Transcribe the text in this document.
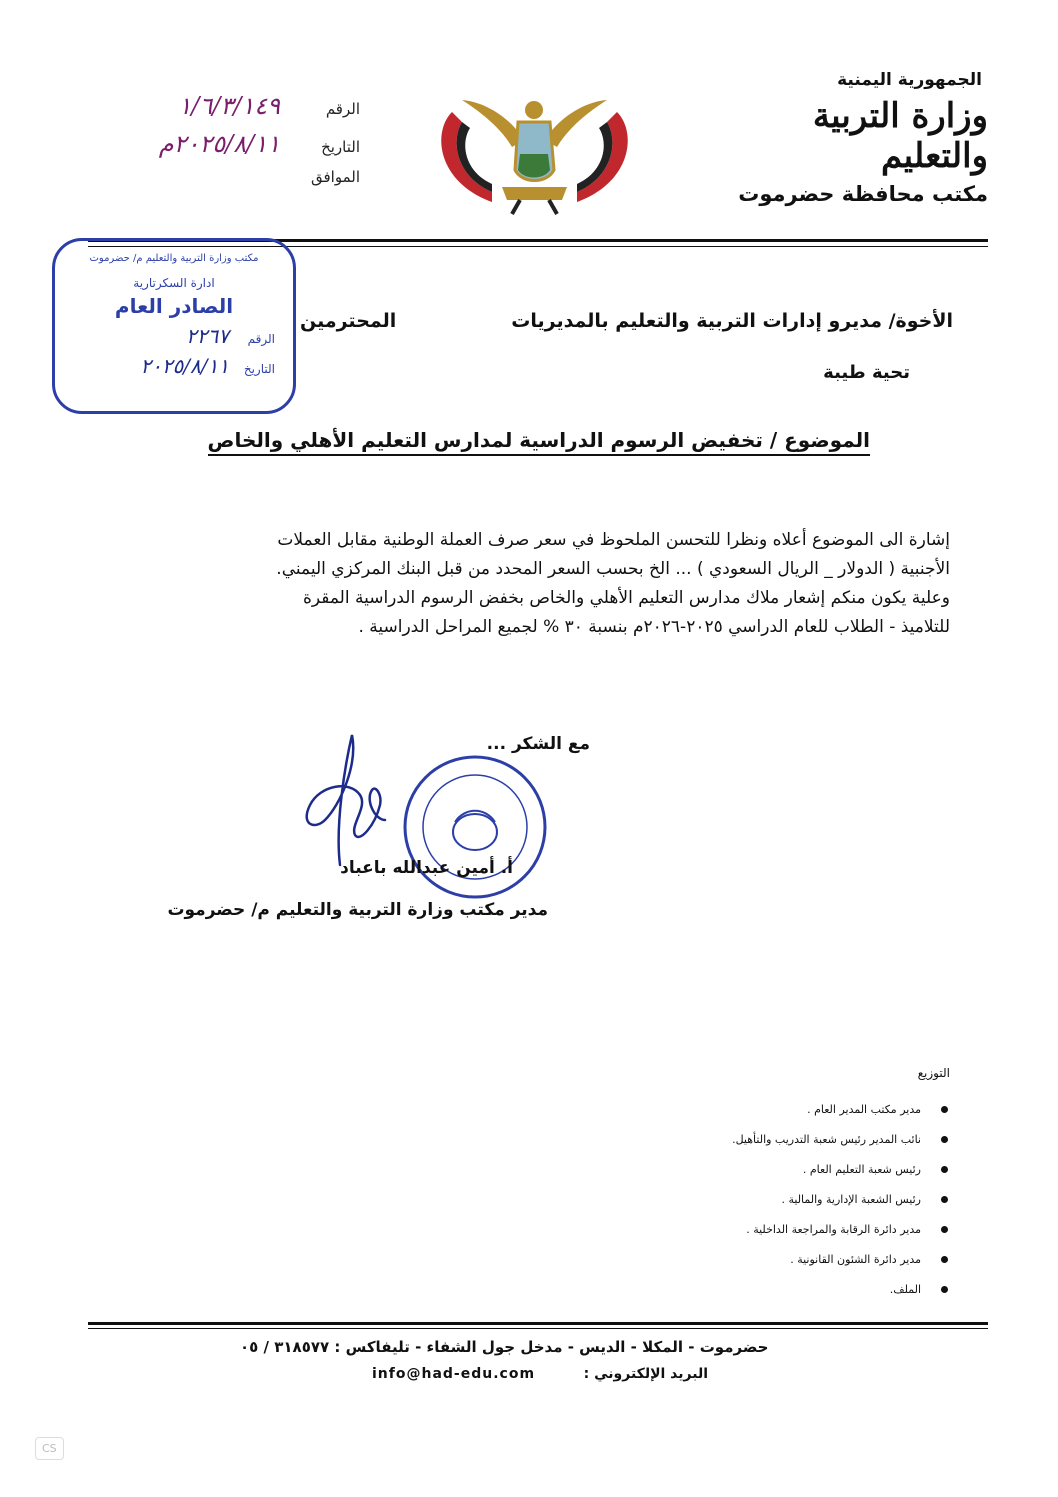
الجمهورية اليمنية
وزارة التربية والتعليم
مكتب محافظة حضرموت
الرقم
١/٦/٣/١٤٩
التاريخ
٢٠٢٥/٨/١١م
الموافق
مكتب وزارة التربية والتعليم م/ حضرموت
ادارة السكرتارية
الصادر العام
الرقم
٢٢٦٧
التاريخ
٢٠٢٥/٨/١١
الأخوة/ مديرو إدارات التربية والتعليم بالمديريات
المحترمين
تحية طيبة
الموضوع / تخفيض الرسوم الدراسية لمدارس التعليم الأهلي والخاص

إشارة الى الموضوع أعلاه ونظرا للتحسن الملحوظ في سعر صرف العملة الوطنية مقابل العملات

الأجنبية ( الدولار _ الريال السعودي ) ... الخ بحسب السعر المحدد من قبل البنك المركزي اليمني.

وعلية يكون منكم إشعار ملاك مدارس التعليم الأهلي والخاص بخفض الرسوم الدراسية المقرة

للتلاميذ - الطلاب للعام الدراسي ٢٠٢٥-٢٠٢٦م بنسبة ٣٠ % لجميع المراحل الدراسية .

مع الشكر ...
أ. أمين عبدالله باعباد
مدير مكتب وزارة التربية والتعليم م/ حضرموت
التوزيع
مدير مكتب المدير العام .
نائب المدير رئيس شعبة التدريب والتأهيل.
رئيس شعبة التعليم العام .
رئيس الشعبة الإدارية والمالية .
مدير دائرة الرقابة والمراجعة الداخلية .
مدير دائرة الشئون القانونية .
الملف.
حضرموت - المكلا - الديس - مدخل جول الشفاء - تليفاكس : ٣١٨٥٧٧ / ٠٥
البريد الإلكتروني :
info@had-edu.com
CS
